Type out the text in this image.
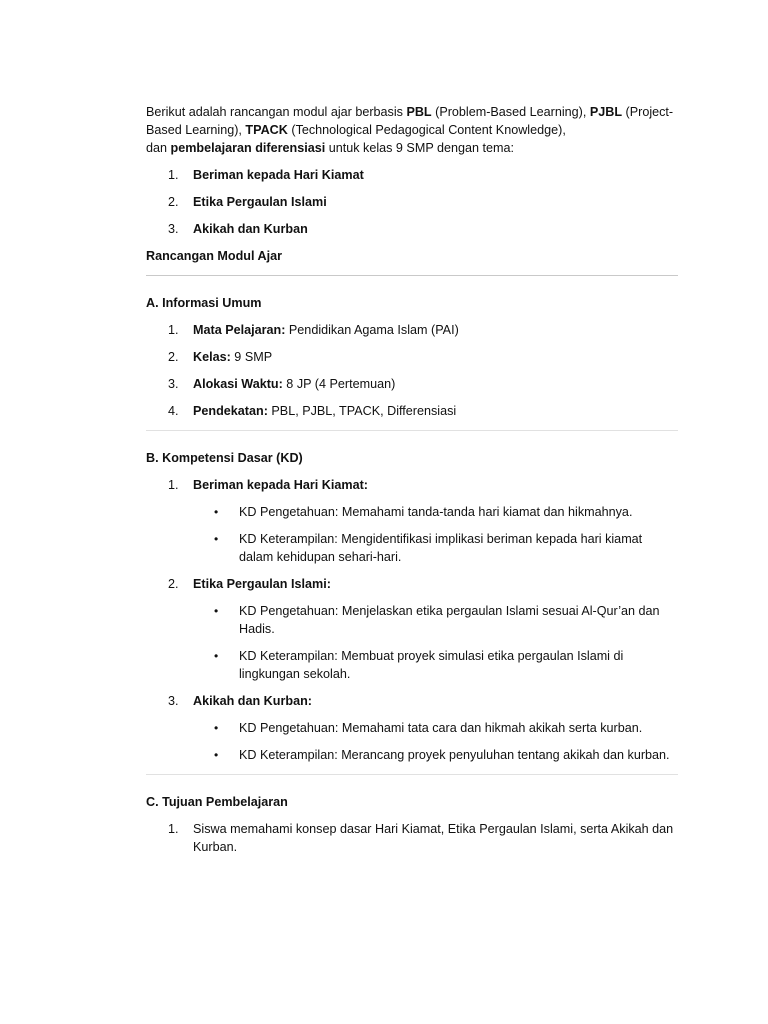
Berikut adalah rancangan modul ajar berbasis PBL (Problem-Based Learning), PJBL (Project-Based Learning), TPACK (Technological Pedagogical Content Knowledge),
dan pembelajaran diferensiasi untuk kelas 9 SMP dengan tema:

1. Beriman kepada Hari Kiamat
2. Etika Pergaulan Islami
3. Akikah dan Kurban

Rancangan Modul Ajar

A. Informasi Umum

1. Mata Pelajaran: Pendidikan Agama Islam (PAI)
2. Kelas: 9 SMP
3. Alokasi Waktu: 8 JP (4 Pertemuan)
4. Pendekatan: PBL, PJBL, TPACK, Differensiasi

B. Kompetensi Dasar (KD)

1. Beriman kepada Hari Kiamat:
• KD Pengetahuan: Memahami tanda-tanda hari kiamat dan hikmahnya.
• KD Keterampilan: Mengidentifikasi implikasi beriman kepada hari kiamat dalam kehidupan sehari-hari.
2. Etika Pergaulan Islami:
• KD Pengetahuan: Menjelaskan etika pergaulan Islami sesuai Al-Qur’an dan Hadis.
• KD Keterampilan: Membuat proyek simulasi etika pergaulan Islami di lingkungan sekolah.
3. Akikah dan Kurban:
• KD Pengetahuan: Memahami tata cara dan hikmah akikah serta kurban.
• KD Keterampilan: Merancang proyek penyuluhan tentang akikah dan kurban.

C. Tujuan Pembelajaran

1. Siswa memahami konsep dasar Hari Kiamat, Etika Pergaulan Islami, serta Akikah dan Kurban.
